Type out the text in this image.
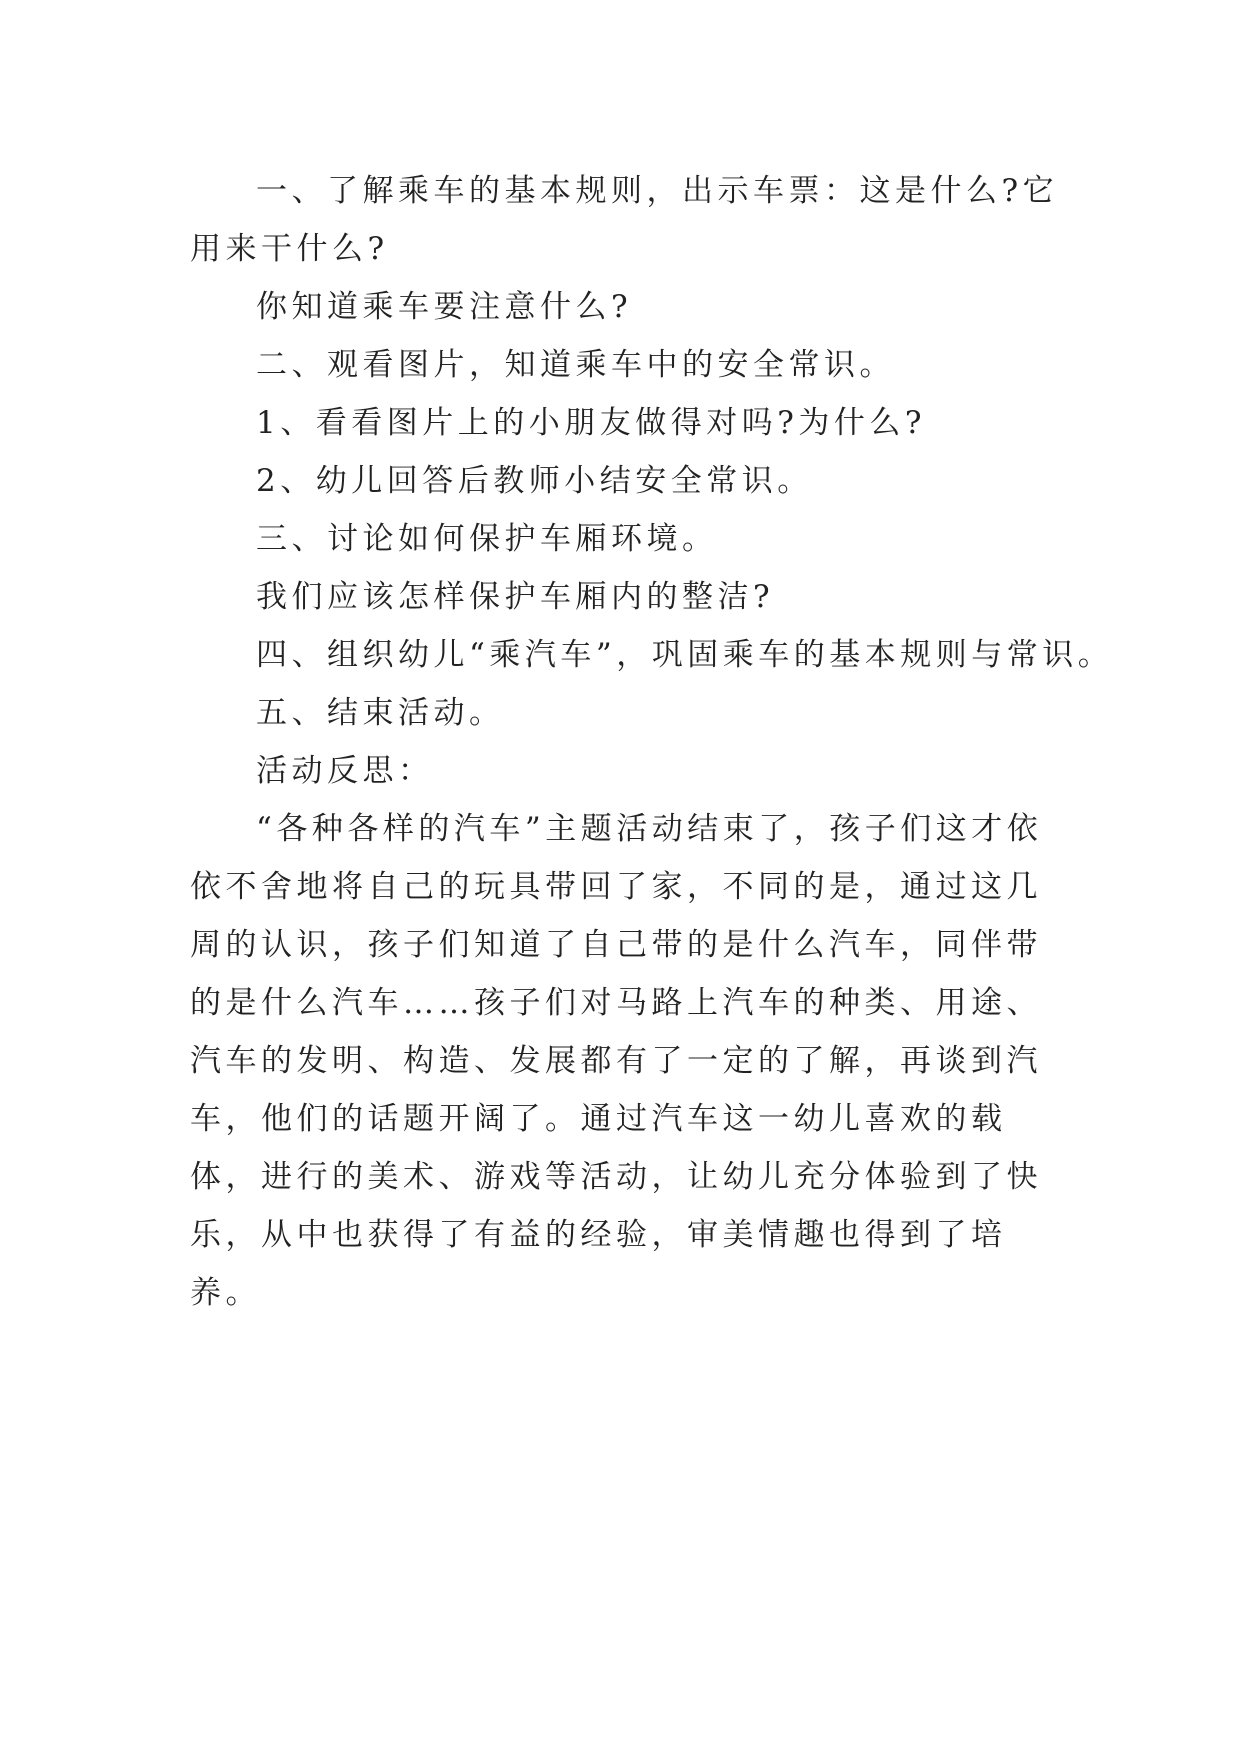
一、了解乘车的基本规则，出示车票：这是什么?它用来干什么?

你知道乘车要注意什么?

二、观看图片，知道乘车中的安全常识。

1、看看图片上的小朋友做得对吗?为什么?

2、幼儿回答后教师小结安全常识。

三、讨论如何保护车厢环境。

我们应该怎样保护车厢内的整洁?

四、组织幼儿“乘汽车”，巩固乘车的基本规则与常识。

五、结束活动。

活动反思：

“各种各样的汽车”主题活动结束了，孩子们这才依依不舍地将自己的玩具带回了家，不同的是，通过这几周的认识，孩子们知道了自己带的是什么汽车，同伴带的是什么汽车……孩子们对马路上汽车的种类、用途、汽车的发明、构造、发展都有了一定的了解，再谈到汽车，他们的话题开阔了。通过汽车这一幼儿喜欢的载体，进行的美术、游戏等活动，让幼儿充分体验到了快乐，从中也获得了有益的经验，审美情趣也得到了培养。
